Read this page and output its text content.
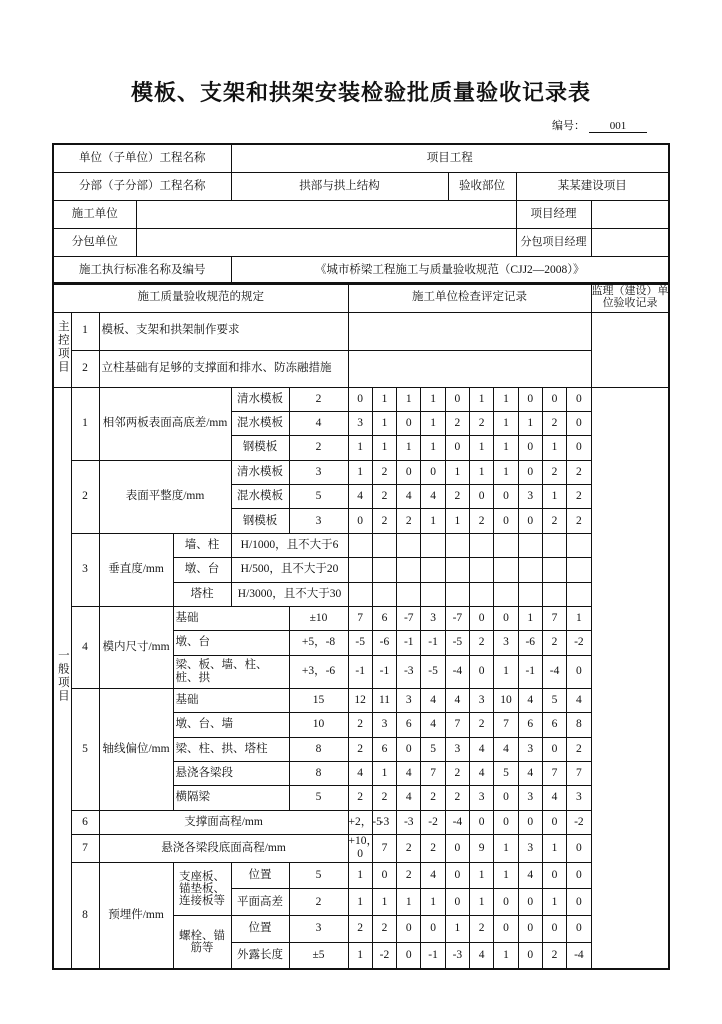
模板、支架和拱架安装检验批质量验收记录表
编号： 001
单位（子单位）工程名称		项目工程			
分部（子分部）工程名称		拱部与拱上结构	验收部位	某某建设项目	
施工单位				项目经理	
分包单位				分包项目经理	
施工执行标准名称及编号		《城市桥梁工程施工与质量验收规范（CJJ2—2008）》			
施工质量验收规范的规定						施工单位检查评定记录										监理（建设）单位验收记录	
主控项目	1	模板、支架和拱架制作要求															
	2	立柱基础有足够的支撑面和排水、防冻融措施															
一般项目	1	相邻两板表面高底差/mm		清水模板	2	0	1	1	1	0	1	1	0	0	0		
				混水模板	4	3	1	0	1	2	2	1	1	2	0		
				钢模板	2	1	1	1	1	0	1	1	0	1	0		
	2	表面平整度/mm		清水模板	3	1	2	0	0	1	1	1	0	2	2		
				混水模板	5	4	2	4	4	2	0	0	3	1	2		
				钢模板	3	0	2	2	1	1	2	0	0	2	2		
	3	垂直度/mm	墙、柱	H/1000，且不大于6													
			墩、台	H/500，且不大于20													
			塔柱	H/3000，且不大于30													
	4	模内尺寸/mm	基础		±10	7	6	-7	3	-7	0	0	1	7	1		
			墩、台		+5，-8	-5	-6	-1	-1	-5	2	3	-6	2	-2		
			梁、板、墙、柱、桩、拱		+3，-6	-1	-1	-3	-5	-4	0	1	-1	-4	0		
	5	轴线偏位/mm	基础		15	12	11	3	4	4	3	10	4	5	4		
			墩、台、墙		10	2	3	6	4	7	2	7	6	6	8		
			梁、柱、拱、塔柱		8	2	6	0	5	3	4	4	3	0	2		
			悬浇各梁段		8	4	1	4	7	2	4	5	4	7	7		
			横隔梁		5	2	2	4	2	2	3	0	3	4	3		
	6	支撑面高程/mm				+2，-5	-3	-3	-2	-4	0	0	0	0	-2	
	7	悬浇各梁段底面高程/mm				+10，0	7	2	2	0	9	1	3	1	0	
	8	预埋件/mm	支座板、锚垫板、连接板等	位置	5	1	0	2	4	0	1	1	4	0	0		
				平面高差	2	1	1	1	1	0	1	0	0	1	0		
			螺栓、锚筋等	位置	3	2	2	0	0	1	2	0	0	0	0		
				外露长度	±5	1	-2	0	-1	-3	4	1	0	2	-4		
